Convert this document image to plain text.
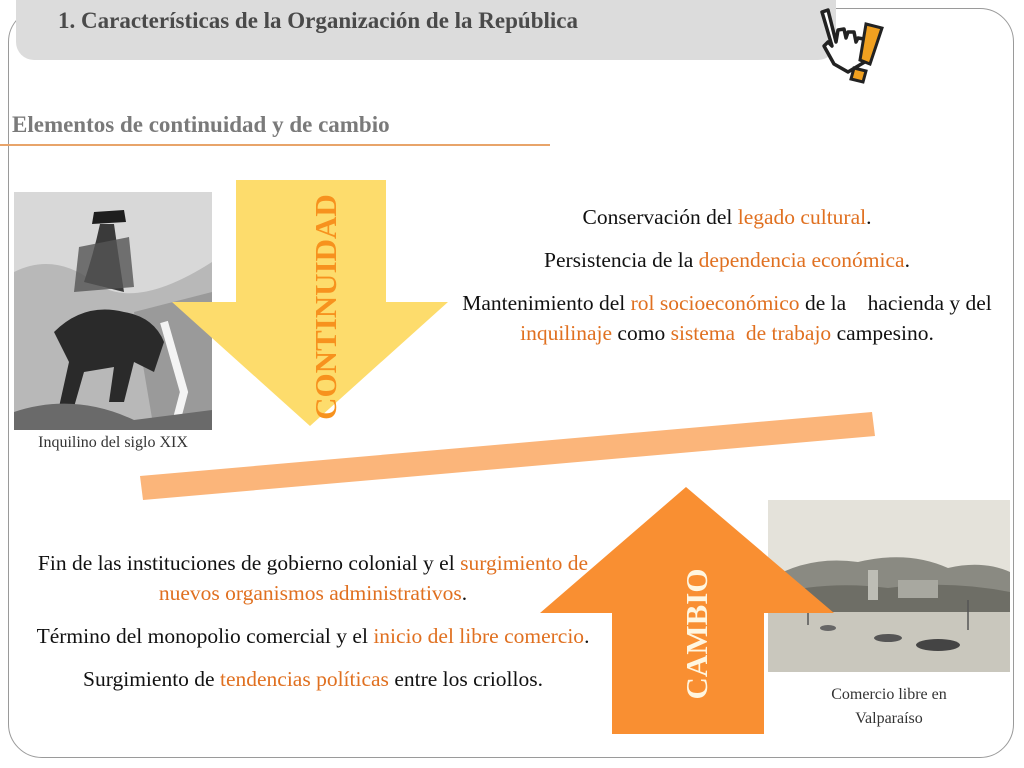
1. Características de la Organización de la República
Elementos de continuidad y de cambio
Inquilino del siglo XIX
Comercio libre en
Valparaíso
CONTINUIDAD
CAMBIO

Conservación del legado cultural.

Persistencia de la dependencia económica.

Mantenimiento del rol socioeconómico de la    hacienda y del inquilinaje como sistema  de trabajo campesino.

Fin de las instituciones de gobierno colonial y el surgimiento de nuevos organismos administrativos.

Término del monopolio comercial y el inicio del libre comercio.

Surgimiento de tendencias políticas entre los criollos.
